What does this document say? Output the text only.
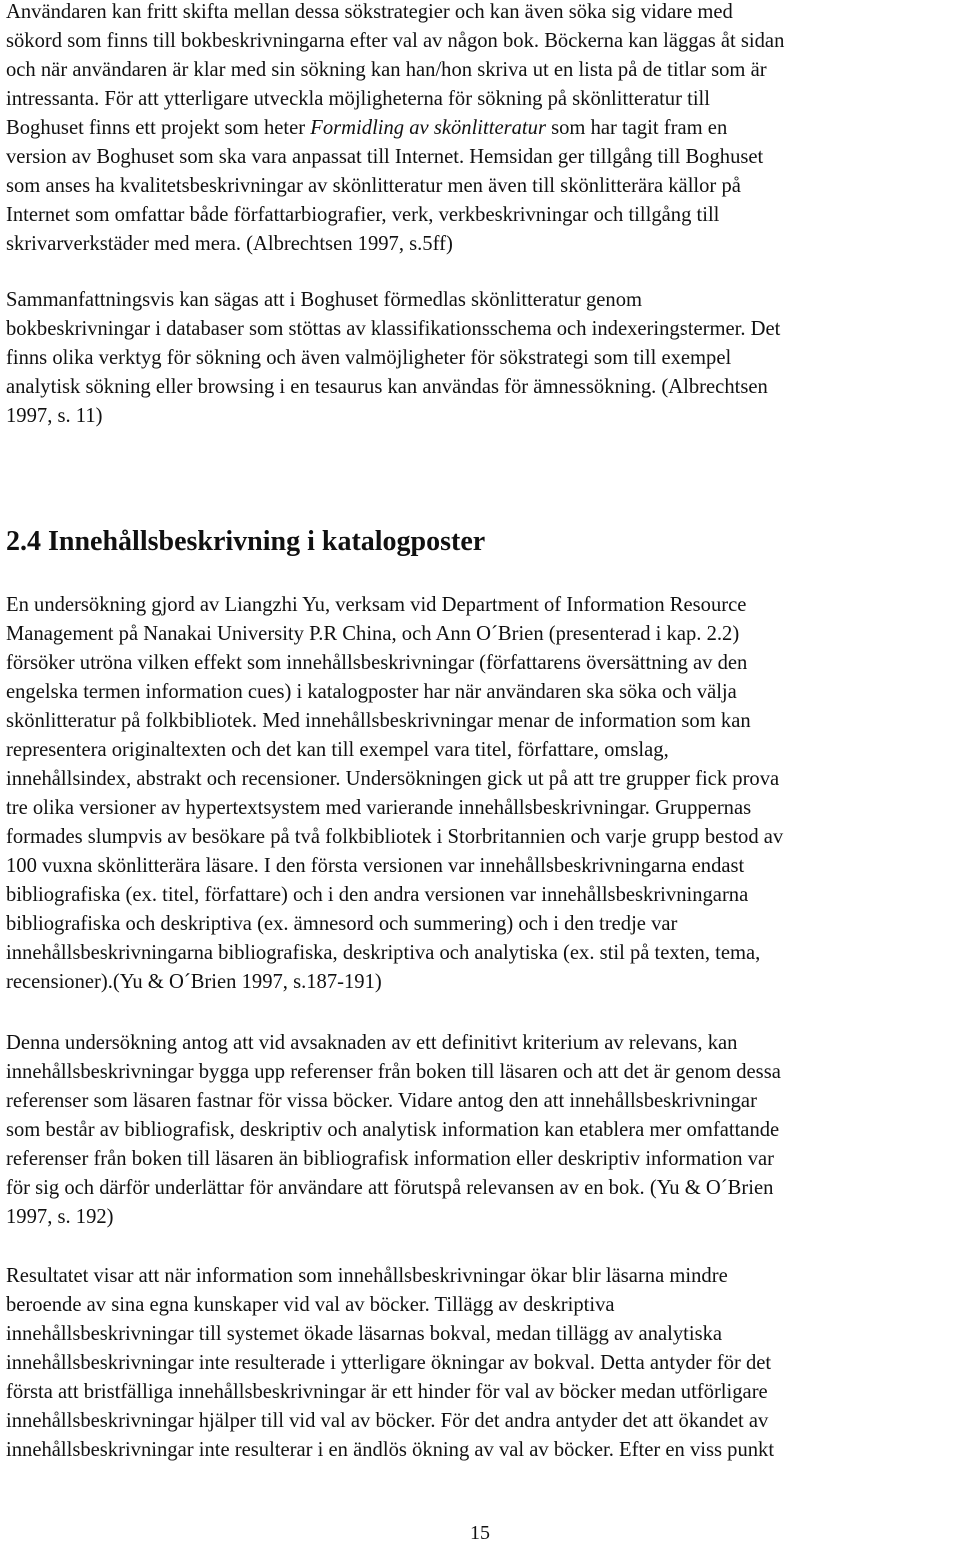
Användaren kan fritt skifta mellan dessa sökstrategier och kan även söka sig vidare med
sökord som finns till bokbeskrivningarna efter val av någon bok. Böckerna kan läggas åt sidan
och när användaren är klar med sin sökning kan han/hon skriva ut en lista på de titlar som är
intressanta. För att ytterligare utveckla möjligheterna för sökning på skönlitteratur till
Boghuset finns ett projekt som heter Formidling av skönlitteratur som har tagit fram en
version av Boghuset som ska vara anpassat till Internet. Hemsidan ger tillgång till Boghuset
som anses ha kvalitetsbeskrivningar av skönlitteratur men även till skönlitterära källor på
Internet som omfattar både författarbiografier, verk, verkbeskrivningar och tillgång till
skrivarverkstäder med mera. (Albrechtsen 1997, s.5ff)

Sammanfattningsvis kan sägas att i Boghuset förmedlas skönlitteratur genom
bokbeskrivningar i databaser som stöttas av klassifikationsschema och indexeringstermer. Det
finns olika verktyg för sökning och även valmöjligheter för sökstrategi som till exempel
analytisk sökning eller browsing i en tesaurus kan användas för ämnessökning. (Albrechtsen
1997, s. 11)

2.4 Innehållsbeskrivning i katalogposter

En undersökning gjord av Liangzhi Yu, verksam vid Department of Information Resource
Management på Nanakai University P.R China, och Ann O´Brien (presenterad i kap. 2.2)
försöker utröna vilken effekt som innehållsbeskrivningar (författarens översättning av den
engelska termen information cues) i katalogposter har när användaren ska söka och välja
skönlitteratur på folkbibliotek. Med innehållsbeskrivningar menar de information som kan
representera originaltexten och det kan till exempel vara titel, författare, omslag,
innehållsindex, abstrakt och recensioner. Undersökningen gick ut på att tre grupper fick prova
tre olika versioner av hypertextsystem med varierande innehållsbeskrivningar. Gruppernas
formades slumpvis av besökare på två folkbibliotek i Storbritannien och varje grupp bestod av
100 vuxna skönlitterära läsare. I den första versionen var innehållsbeskrivningarna endast
bibliografiska (ex. titel, författare) och i den andra versionen var innehållsbeskrivningarna
bibliografiska och deskriptiva (ex. ämnesord och summering) och i den tredje var
innehållsbeskrivningarna bibliografiska, deskriptiva och analytiska (ex. stil på texten, tema,
recensioner).(Yu & O´Brien 1997, s.187-191)

Denna undersökning antog att vid avsaknaden av ett definitivt kriterium av relevans, kan
innehållsbeskrivningar bygga upp referenser från boken till läsaren och att det är genom dessa
referenser som läsaren fastnar för vissa böcker. Vidare antog den att innehållsbeskrivningar
som består av bibliografisk, deskriptiv och analytisk information kan etablera mer omfattande
referenser från boken till läsaren än bibliografisk information eller deskriptiv information var
för sig och därför underlättar för användare att förutspå relevansen av en bok. (Yu & O´Brien
1997, s. 192)

Resultatet visar att när information som innehållsbeskrivningar ökar blir läsarna mindre
beroende av sina egna kunskaper vid val av böcker. Tillägg av deskriptiva
innehållsbeskrivningar till systemet ökade läsarnas bokval, medan tillägg av analytiska
innehållsbeskrivningar inte resulterade i ytterligare ökningar av bokval. Detta antyder för det
första att bristfälliga innehållsbeskrivningar är ett hinder för val av böcker medan utförligare
innehållsbeskrivningar hjälper till vid val av böcker. För det andra antyder det att ökandet av
innehållsbeskrivningar inte resulterar i en ändlös ökning av val av böcker. Efter en viss punkt

15
